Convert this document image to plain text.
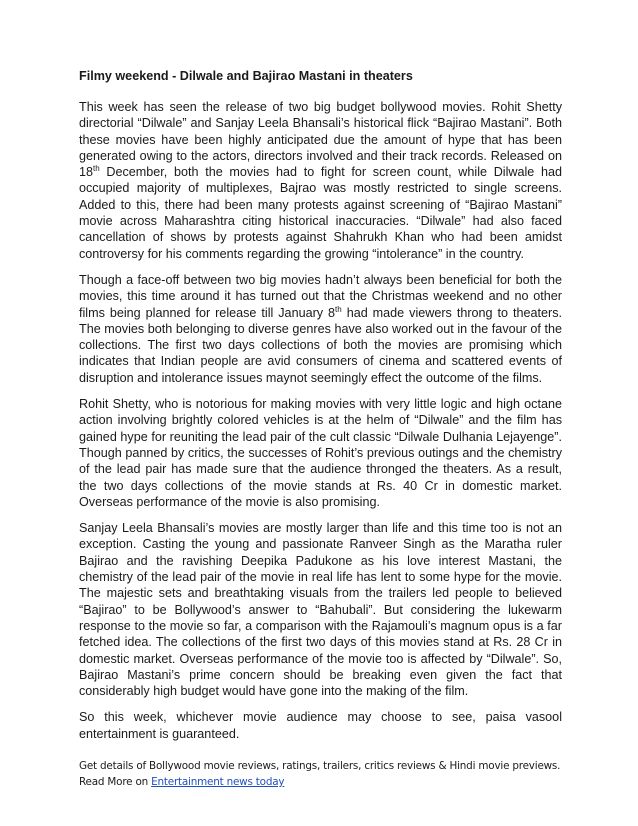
Filmy weekend - Dilwale and Bajirao Mastani in theaters

This week has seen the release of two big budget bollywood movies. Rohit Shetty directorial “Dilwale” and Sanjay Leela Bhansali’s historical flick “Bajirao Mastani”. Both these movies have been highly anticipated due the amount of hype that has been generated owing to the actors, directors involved and their track records. Released on 18th December, both the movies had to fight for screen count, while Dilwale had occupied majority of multiplexes, Bajrao was mostly restricted to single screens. Added to this, there had been many protests against screening of “Bajirao Mastani” movie across Maharashtra citing historical inaccuracies. “Dilwale” had also faced cancellation of shows by protests against Shahrukh Khan who had been amidst controversy for his comments regarding the growing “intolerance” in the country.

Though a face-off between two big movies hadn’t always been beneficial for both the movies, this time around it has turned out that the Christmas weekend and no other films being planned for release till January 8th had made viewers throng to theaters. The movies both belonging to diverse genres have also worked out in the favour of the collections. The first two days collections of both the movies are promising which indicates that Indian people are avid consumers of cinema and scattered events of disruption and intolerance issues maynot seemingly effect the outcome of the films.

Rohit Shetty, who is notorious for making movies with very little logic and high octane action involving brightly colored vehicles is at the helm of “Dilwale” and the film has gained hype for reuniting the lead pair of the cult classic “Dilwale Dulhania Lejayenge”. Though panned by critics, the successes of Rohit’s previous outings and the chemistry of the lead pair has made sure that the audience thronged the theaters. As a result, the two days collections of the movie stands at Rs. 40 Cr in domestic market. Overseas performance of the movie is also promising.

Sanjay Leela Bhansali’s movies are mostly larger than life and this time too is not an exception. Casting the young and passionate Ranveer Singh as the Maratha ruler Bajirao and the ravishing Deepika Padukone as his love interest Mastani, the chemistry of the lead pair of the movie in real life has lent to some hype for the movie. The majestic sets and breathtaking visuals from the trailers led people to believed “Bajirao” to be Bollywood’s answer to “Bahubali”. But considering the lukewarm response to the movie so far, a comparison with the Rajamouli’s magnum opus is a far fetched idea. The collections of the first two days of this movies stand at Rs. 28 Cr in domestic market. Overseas performance of the movie too is affected by “Dilwale”. So, Bajirao Mastani’s prime concern should be breaking even given the fact that considerably high budget would have gone into the making of the film.

So this week, whichever movie audience may choose to see, paisa vasool entertainment is guaranteed.

Get details of Bollywood movie reviews, ratings, trailers, critics reviews & Hindi movie previews. Read More on Entertainment news today
